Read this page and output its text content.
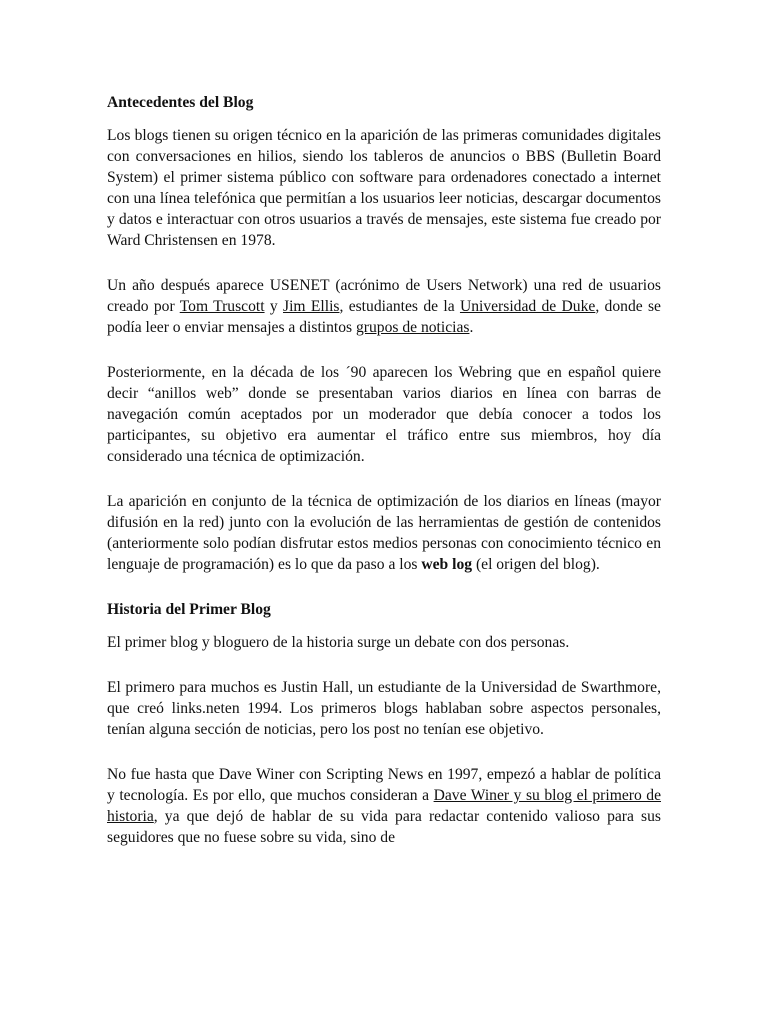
Antecedentes del Blog

Los blogs tienen su origen técnico en la aparición de las primeras comunidades digitales con conversaciones en hilios, siendo los tableros de anuncios o BBS (Bulletin Board System) el primer sistema público con software para ordenadores conectado a internet con una línea telefónica que permitían a los usuarios leer noticias, descargar documentos y datos e interactuar con otros usuarios a través de mensajes, este sistema fue creado por Ward Christensen en 1978.

Un año después aparece USENET (acrónimo de Users Network) una red de usuarios creado por Tom Truscott y Jim Ellis, estudiantes de la Universidad de Duke, donde se podía leer o enviar mensajes a distintos grupos de noticias.

Posteriormente, en la década de los ´90 aparecen los Webring que en español quiere decir “anillos web” donde se presentaban varios diarios en línea con barras de navegación común aceptados por un moderador que debía conocer a todos los participantes, su objetivo era aumentar el tráfico entre sus miembros, hoy día considerado una técnica de optimización.

La aparición en conjunto de la técnica de optimización de los diarios en líneas (mayor difusión en la red) junto con la evolución de las herramientas de gestión de contenidos (anteriormente solo podían disfrutar estos medios personas con conocimiento técnico en lenguaje de programación) es lo que da paso a los web log (el origen del blog).

Historia del Primer Blog

El primer blog y bloguero de la historia surge un debate con dos personas.

El primero para muchos es Justin Hall, un estudiante de la Universidad de Swarthmore, que creó links.neten 1994. Los primeros blogs hablaban sobre aspectos personales, tenían alguna sección de noticias, pero los post no tenían ese objetivo.

No fue hasta que Dave Winer con Scripting News en 1997, empezó a hablar de política y tecnología. Es por ello, que muchos consideran a Dave Winer y su blog el primero de historia, ya que dejó de hablar de su vida para redactar contenido valioso para sus seguidores que no fuese sobre su vida, sino de
